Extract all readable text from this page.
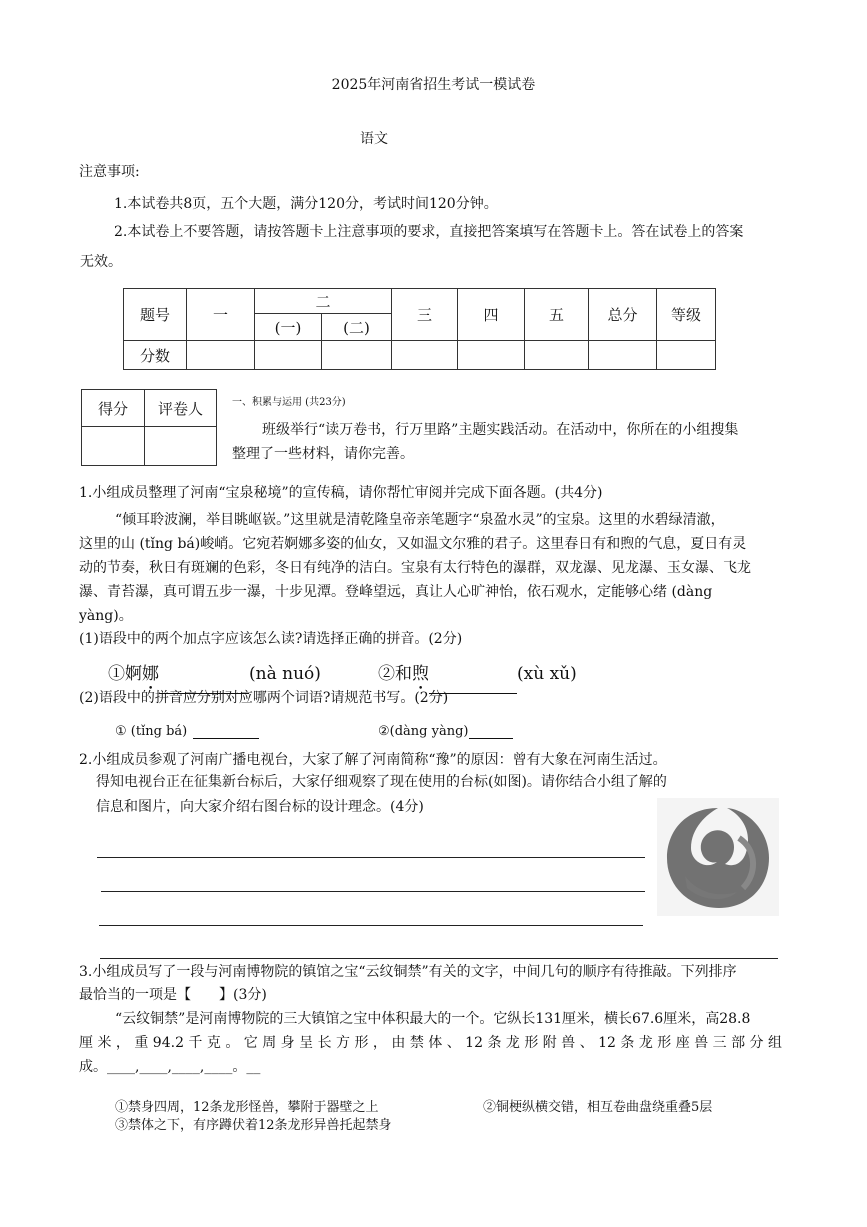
2025年河南省招生考试一模试卷
语文
注意事项:
1.本试卷共8页，五个大题，满分120分，考试时间120分钟。
2.本试卷上不要答题，请按答题卡上注意事项的要求，直接把答案填写在答题卡上。答在试卷上的答案
无效。
题号	一	二		三	四	五	总分	等级
		(一)	(二)					
分数								
得分	评卷人
		一、积累与运用 (共23分)
班级举行“读万卷书，行万里路”主题实践活动。在活动中，你所在的小组搜集
整理了一些材料，请你完善。
1.小组成员整理了河南“宝泉秘境”的宣传稿，请你帮忙审阅并完成下面各题。(共4分)
“倾耳聆波澜，举目眺岖嵚。”这里就是清乾隆皇帝亲笔题字“泉盈水灵”的宝泉。这里的水碧绿清澈，
这里的山 (tǐng bá)峻峭。它宛若婀娜多姿的仙女，又如温文尔雅的君子。这里春日有和煦的气息，夏日有灵
动的节奏，秋日有斑斓的色彩，冬日有纯净的洁白。宝泉有太行特色的瀑群，双龙瀑、见龙瀑、玉女瀑、飞龙
瀑、青苔瀑，真可谓五步一瀑，十步见潭。登峰望远，真让人心旷神怡，依石观水，定能够心绪 (dàng
yàng)。
(1)语段中的两个加点字应该怎么读?请选择正确的拼音。(2分)
①婀娜	(nà nuó)	②和煦	(xù xǔ)
(2)语段中的拼音应分别对应哪两个词语?请规范书写。(2分)
① (tǐng bá)	②(dàng yàng)
2.小组成员参观了河南广播电视台，大家了解了河南简称“豫”的原因：曾有大象在河南生活过。
得知电视台正在征集新台标后，大家仔细观察了现在使用的台标(如图)。请你结合小组了解的
信息和图片，向大家介绍右图台标的设计理念。(4分)
3.小组成员写了一段与河南博物院的镇馆之宝“云纹铜禁”有关的文字，中间几句的顺序有待推敲。下列排序
最恰当的一项是【　　】(3分)
“云纹铜禁”是河南博物院的三大镇馆之宝中体积最大的一个。它纵长131厘米，横长67.6厘米，高28.8
厘 米 ， 重 94.2 千 克 。 它 周 身 呈 长 方 形 ， 由 禁 体 、 12 条 龙 形 附 兽 、 12 条 龙 形 座 兽 三 部 分 组
成。____,____,____,____。__
①禁身四周，12条龙形怪兽，攀附于器壁之上	②铜梗纵横交错，相互卷曲盘绕重叠5层
③禁体之下，有序蹲伏着12条龙形异兽托起禁身
